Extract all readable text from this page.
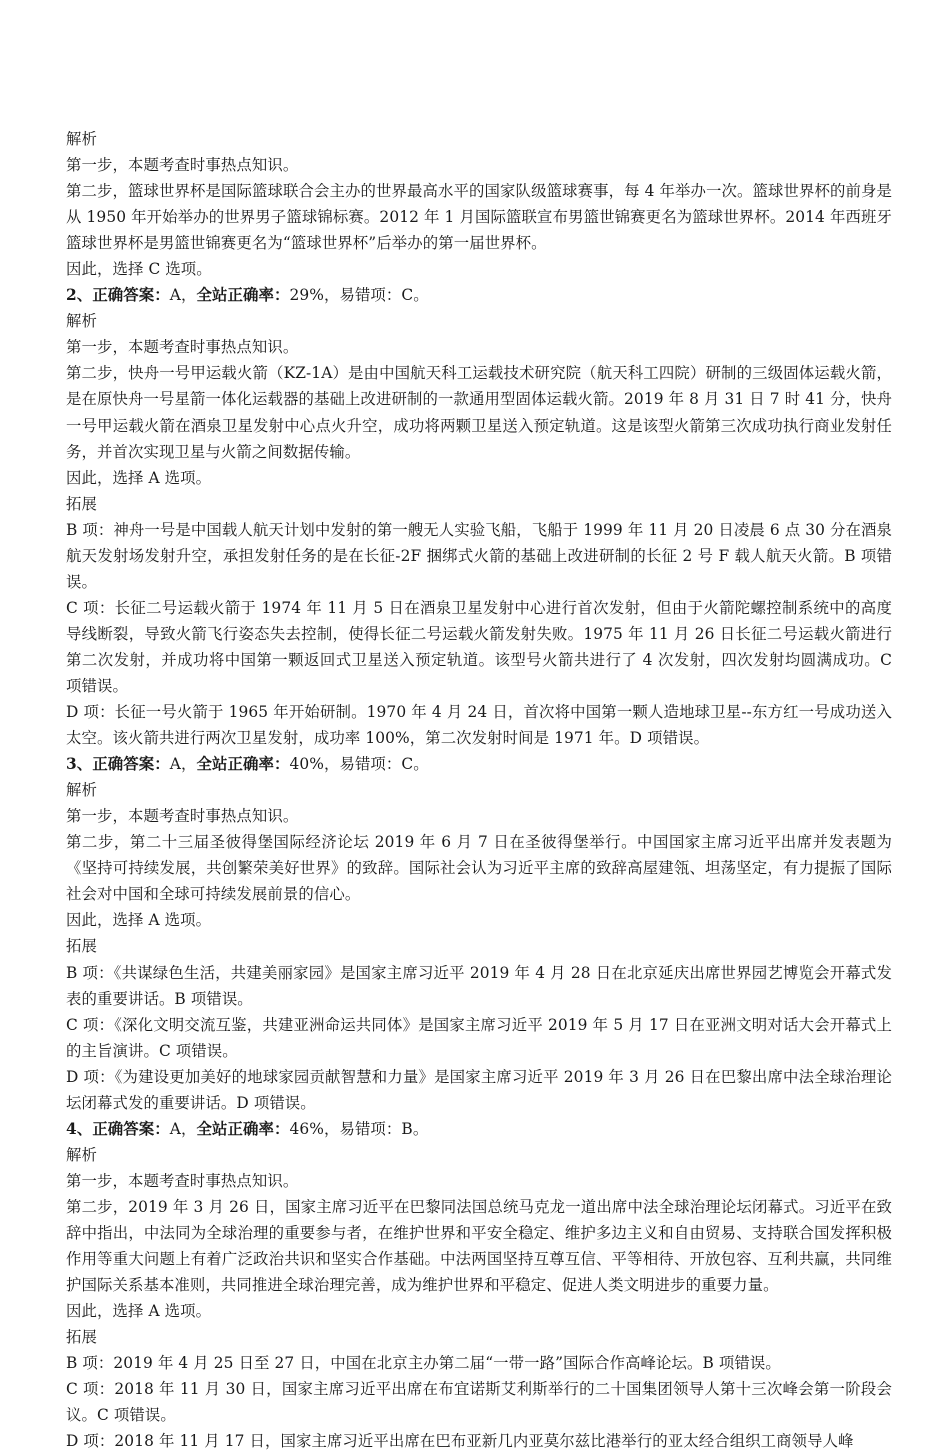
解析
第一步，本题考查时事热点知识。
第二步，篮球世界杯是国际篮球联合会主办的世界最高水平的国家队级篮球赛事，每 4 年举办一次。篮球世界杯的前身是从 1950 年开始举办的世界男子篮球锦标赛。2012 年 1 月国际篮联宣布男篮世锦赛更名为篮球世界杯。2014 年西班牙篮球世界杯是男篮世锦赛更名为“篮球世界杯”后举办的第一届世界杯。
因此，选择 C 选项。
2、正确答案：A，全站正确率：29%，易错项：C。
解析
第一步，本题考查时事热点知识。
第二步，快舟一号甲运载火箭（KZ-1A）是由中国航天科工运载技术研究院（航天科工四院）研制的三级固体运载火箭，是在原快舟一号星箭一体化运载器的基础上改进研制的一款通用型固体运载火箭。2019 年 8 月 31 日 7 时 41 分，快舟一号甲运载火箭在酒泉卫星发射中心点火升空，成功将两颗卫星送入预定轨道。这是该型火箭第三次成功执行商业发射任务，并首次实现卫星与火箭之间数据传输。
因此，选择 A 选项。
拓展
B 项：神舟一号是中国载人航天计划中发射的第一艘无人实验飞船，飞船于 1999 年 11 月 20 日凌晨 6 点 30 分在酒泉航天发射场发射升空，承担发射任务的是在长征-2F 捆绑式火箭的基础上改进研制的长征 2 号 F 载人航天火箭。B 项错误。
C 项：长征二号运载火箭于 1974 年 11 月 5 日在酒泉卫星发射中心进行首次发射，但由于火箭陀螺控制系统中的高度导线断裂，导致火箭飞行姿态失去控制，使得长征二号运载火箭发射失败。1975 年 11 月 26 日长征二号运载火箭进行第二次发射，并成功将中国第一颗返回式卫星送入预定轨道。该型号火箭共进行了 4 次发射，四次发射均圆满成功。C 项错误。
D 项：长征一号火箭于 1965 年开始研制。1970 年 4 月 24 日，首次将中国第一颗人造地球卫星--东方红一号成功送入太空。该火箭共进行两次卫星发射，成功率 100%，第二次发射时间是 1971 年。D 项错误。
3、正确答案：A，全站正确率：40%，易错项：C。
解析
第一步，本题考查时事热点知识。
第二步，第二十三届圣彼得堡国际经济论坛 2019 年 6 月 7 日在圣彼得堡举行。中国国家主席习近平出席并发表题为《坚持可持续发展，共创繁荣美好世界》的致辞。国际社会认为习近平主席的致辞高屋建瓴、坦荡坚定，有力提振了国际社会对中国和全球可持续发展前景的信心。
因此，选择 A 选项。
拓展
B 项：《共谋绿色生活，共建美丽家园》是国家主席习近平 2019 年 4 月 28 日在北京延庆出席世界园艺博览会开幕式发表的重要讲话。B 项错误。
C 项：《深化文明交流互鉴，共建亚洲命运共同体》是国家主席习近平 2019 年 5 月 17 日在亚洲文明对话大会开幕式上的主旨演讲。C 项错误。
D 项：《为建设更加美好的地球家园贡献智慧和力量》是国家主席习近平 2019 年 3 月 26 日在巴黎出席中法全球治理论坛闭幕式发的重要讲话。D 项错误。
4、正确答案：A，全站正确率：46%，易错项：B。
解析
第一步，本题考查时事热点知识。
第二步，2019 年 3 月 26 日，国家主席习近平在巴黎同法国总统马克龙一道出席中法全球治理论坛闭幕式。习近平在致辞中指出，中法同为全球治理的重要参与者，在维护世界和平安全稳定、维护多边主义和自由贸易、支持联合国发挥积极作用等重大问题上有着广泛政治共识和坚实合作基础。中法两国坚持互尊互信、平等相待、开放包容、互利共赢，共同维护国际关系基本准则，共同推进全球治理完善，成为维护世界和平稳定、促进人类文明进步的重要力量。
因此，选择 A 选项。
拓展
B 项：2019 年 4 月 25 日至 27 日，中国在北京主办第二届“一带一路”国际合作高峰论坛。B 项错误。
C 项：2018 年 11 月 30 日，国家主席习近平出席在布宜诺斯艾利斯举行的二十国集团领导人第十三次峰会第一阶段会议。C 项错误。
D 项：2018 年 11 月 17 日，国家主席习近平出席在巴布亚新几内亚莫尔兹比港举行的亚太经合组织工商领导人峰
